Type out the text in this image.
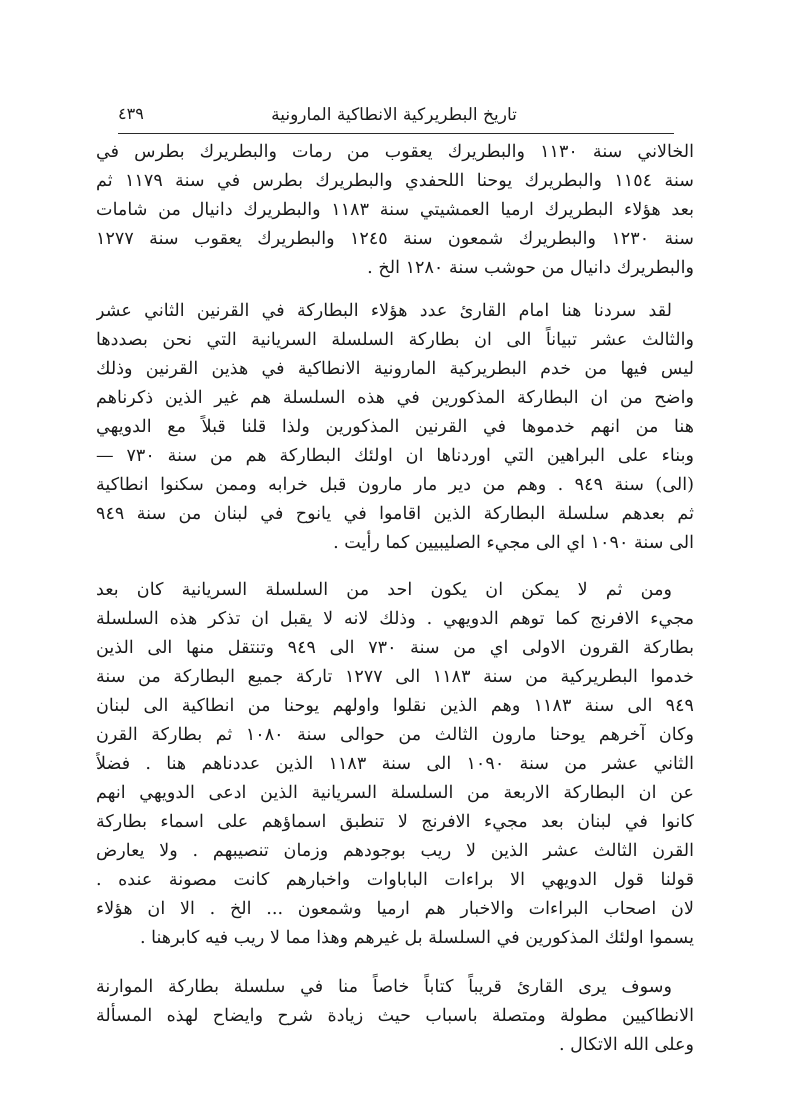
تاريخ البطريركية الانطاكية المارونية
٤٣٩
الخالاني سنة ١١٣٠ والبطريرك يعقوب من رمات والبطريرك بطرس في
سنة ١١٥٤ والبطريرك يوحنا اللحفدي والبطريرك بطرس في سنة ١١٧٩ ثم
بعد هؤلاء البطريرك ارميا العمشيتي سنة ١١٨٣ والبطريرك دانيال من شامات
سنة ١٢٣٠ والبطريرك شمعون سنة ١٢٤٥ والبطريرك يعقوب سنة ١٢٧٧
والبطريرك دانيال من حوشب سنة ١٢٨٠ الخ .
لقد سردنا هنا امام القارئ عدد هؤلاء البطاركة في القرنين الثاني عشر
والثالث عشر تبياناً الى ان بطاركة السلسلة السريانية التي نحن بصددها
ليس فيها من خدم البطريركية المارونية الانطاكية في هذين القرنين وذلك
واضح من ان البطاركة المذكورين في هذه السلسلة هم غير الذين ذكرناهم
هنا من انهم خدموها في القرنين المذكورين ولذا قلنا قبلاً مع الدويهي
وبناء على البراهين التي اوردناها ان اولئك البطاركة هم من سنة ٧٣٠ —
(الى) سنة ٩٤٩ . وهم من دير مار مارون قبل خرابه وممن سكنوا انطاكية
ثم بعدهم سلسلة البطاركة الذين اقاموا في يانوح في لبنان من سنة ٩٤٩
الى سنة ١٠٩٠ اي الى مجيء الصليبيين كما رأيت .
ومن ثم لا يمكن ان يكون احد من السلسلة السريانية كان بعد
مجيء الافرنج كما توهم الدويهي . وذلك لانه لا يقبل ان تذكر هذه السلسلة
بطاركة القرون الاولى اي من سنة ٧٣٠ الى ٩٤٩ وتنتقل منها الى الذين
خدموا البطريركية من سنة ١١٨٣ الى ١٢٧٧ تاركة جميع البطاركة من سنة
٩٤٩ الى سنة ١١٨٣ وهم الذين نقلوا واولهم يوحنا من انطاكية الى لبنان
وكان آخرهم يوحنا مارون الثالث من حوالى سنة ١٠٨٠ ثم بطاركة القرن
الثاني عشر من سنة ١٠٩٠ الى سنة ١١٨٣ الذين عددناهم هنا . فضلاً
عن ان البطاركة الاربعة من السلسلة السريانية الذين ادعى الدويهي انهم
كانوا في لبنان بعد مجيء الافرنج لا تنطبق اسماؤهم على اسماء بطاركة
القرن الثالث عشر الذين لا ريب بوجودهم وزمان تنصيبهم . ولا يعارض
قولنا قول الدويهي الا براءات الباباوات واخبارهم كانت مصونة عنده .
لان اصحاب البراءات والاخبار هم ارميا وشمعون ... الخ . الا ان هؤلاء
يسموا اولئك المذكورين في السلسلة بل غيرهم وهذا مما لا ريب فيه كابرهنا .
وسوف يرى القارئ قريباً كتاباً خاصاً منا في سلسلة بطاركة الموارنة
الانطاكيين مطولة ومتصلة باسباب حيث زيادة شرح وايضاح لهذه المسألة
وعلى الله الاتكال .
